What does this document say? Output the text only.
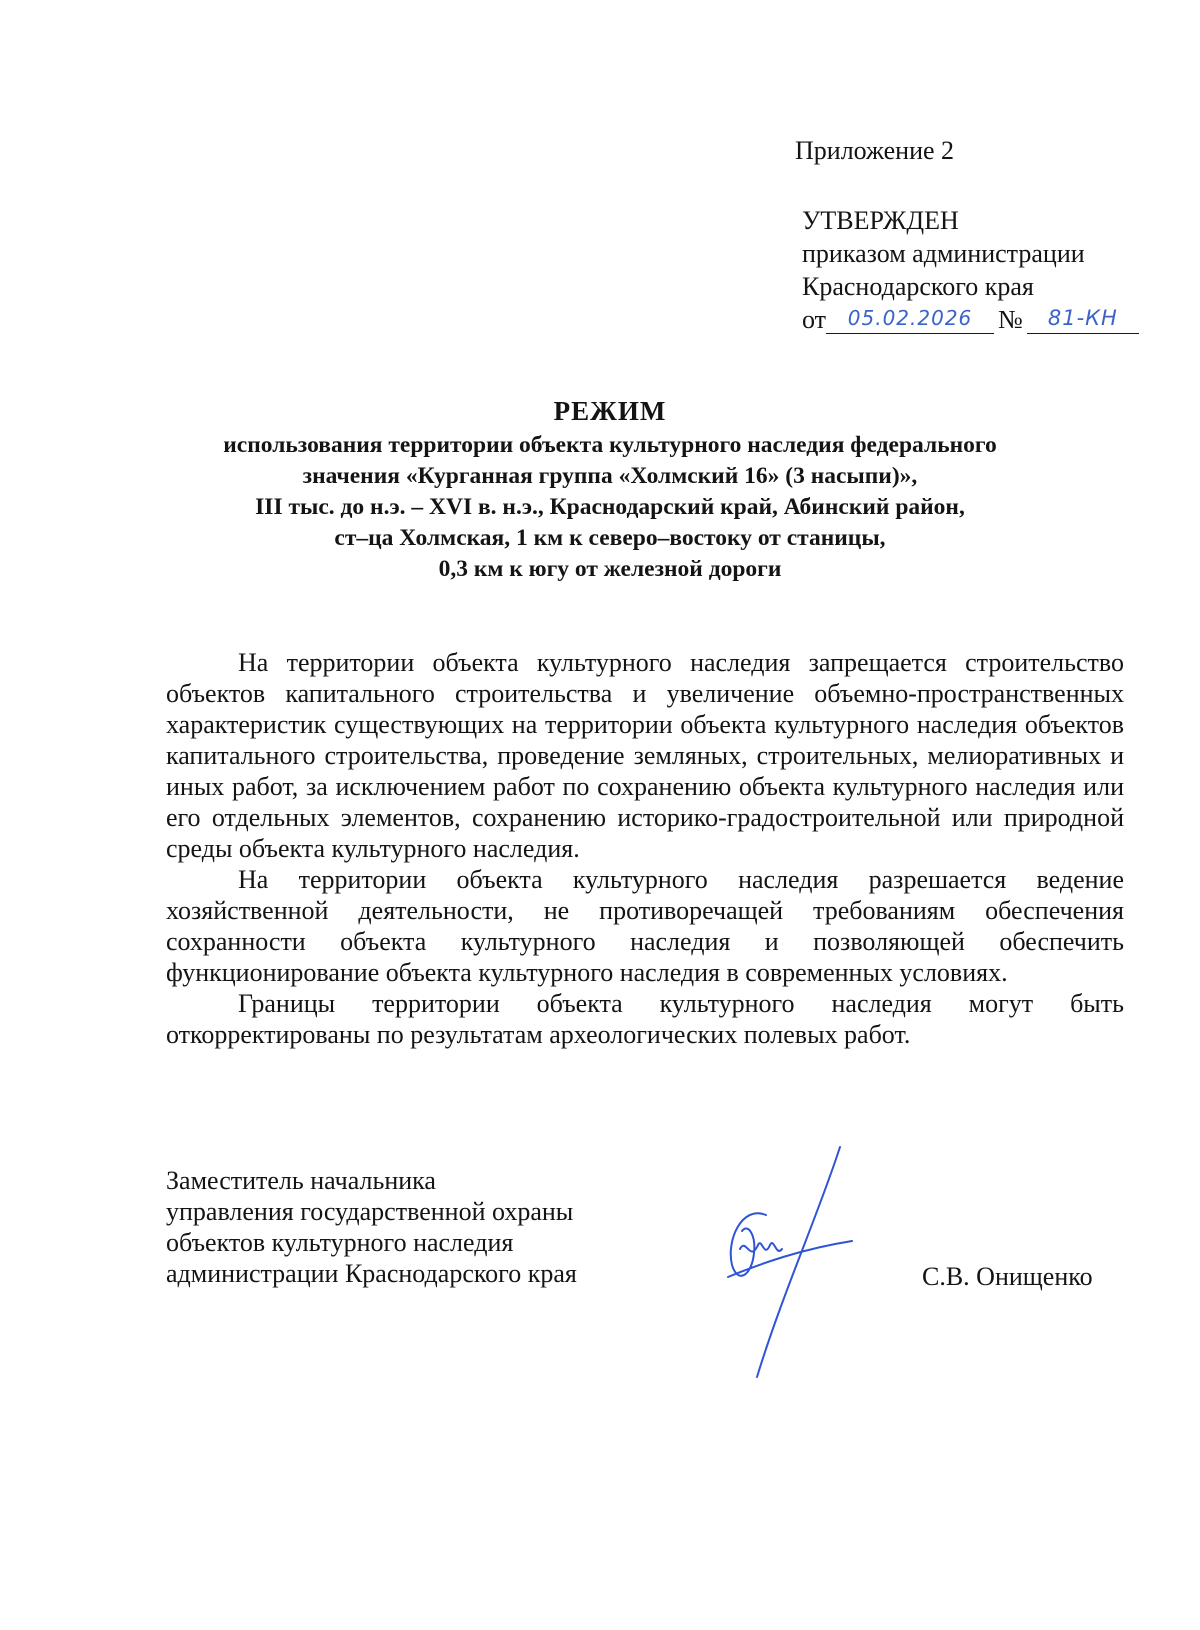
Приложение 2
УТВЕРЖДЕН
приказом администрации
Краснодарского края
от	05.02.2026 №	81-КН
РЕЖИМ
использования территории объекта культурного наследия федерального
значения «Курганная группа «Холмский 16» (3 насыпи)»,
III тыс. до н.э. – XVI в. н.э., Краснодарский край, Абинский район,
ст–ца Холмская, 1 км к северо–востоку от станицы,
0,3 км к югу от железной дороги

На территории объекта культурного наследия запрещается строительство объектов капитального строительства и увеличение объемно-пространственных характеристик существующих на территории объекта культурного наследия объектов капитального строительства, проведение земляных, строительных, мелиоративных и иных работ, за исключением работ по сохранению объекта культурного наследия или его отдельных элементов, сохранению историко-градостроительной или природной среды объекта культурного наследия.

На территории объекта культурного наследия разрешается ведение хозяйственной деятельности, не противоречащей требованиям обеспечения сохранности объекта культурного наследия и позволяющей обеспечить функционирование объекта культурного наследия в современных условиях.

Границы территории объекта культурного наследия могут быть откорректированы по результатам археологических полевых работ.

Заместитель начальника
управления государственной охраны
объектов культурного наследия
администрации Краснодарского края	С.В. Онищенко
